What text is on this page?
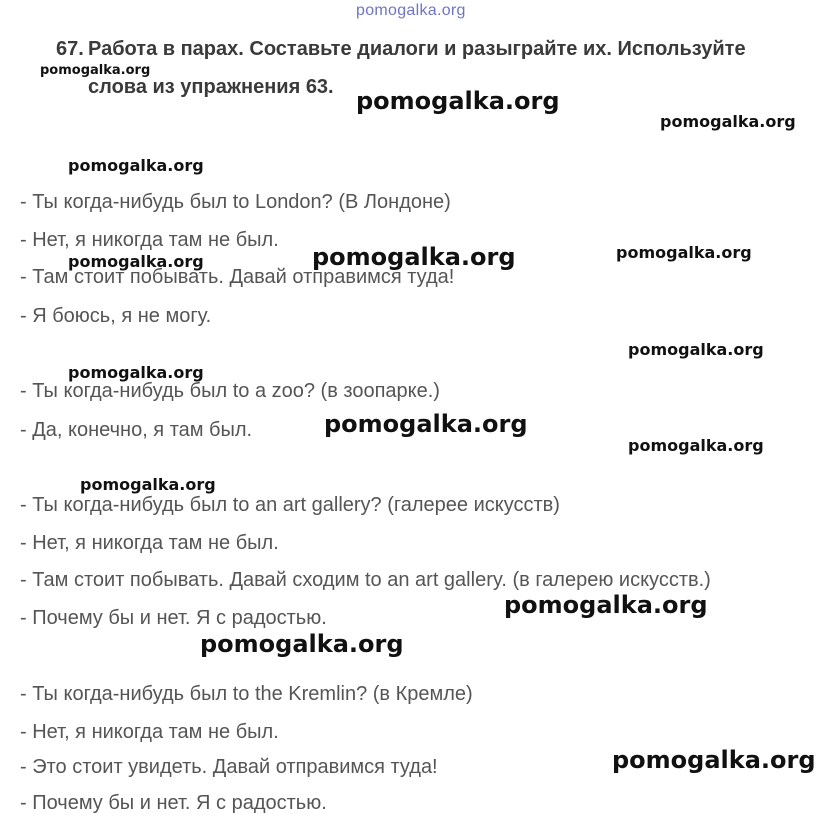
pomogalka.org
67. Работа в парах. Составьте диалоги и разыграйте их. Используйте
слова из упражнения 63.
- Ты когда-нибудь был to London? (В Лондоне)
- Нет, я никогда там не был.
- Там стоит побывать. Давай отправимся туда!
- Я боюсь, я не могу.
- Ты когда-нибудь был to a zoo? (в зоопарке.)
- Да, конечно, я там был.
- Ты когда-нибудь был to an art gallery? (галерее искусств)
- Нет, я никогда там не был.
- Там стоит побывать. Давай сходим to an art gallery. (в галерею искусств.)
- Почему бы и нет. Я с радостью.
- Ты когда-нибудь был to the Kremlin? (в Кремле)
- Нет, я никогда там не был.
- Это стоит увидеть. Давай отправимся туда!
- Почему бы и нет. Я с радостью.
pomogalka.org
pomogalka.org
pomogalka.org
pomogalka.org	pomogalka.org
pomogalka.org
pomogalka.org
pomogalka.org
pomogalka.org
pomogalka.org
pomogalka.org
pomogalka.org
pomogalka.org
pomogalka.org
pomogalka.org
